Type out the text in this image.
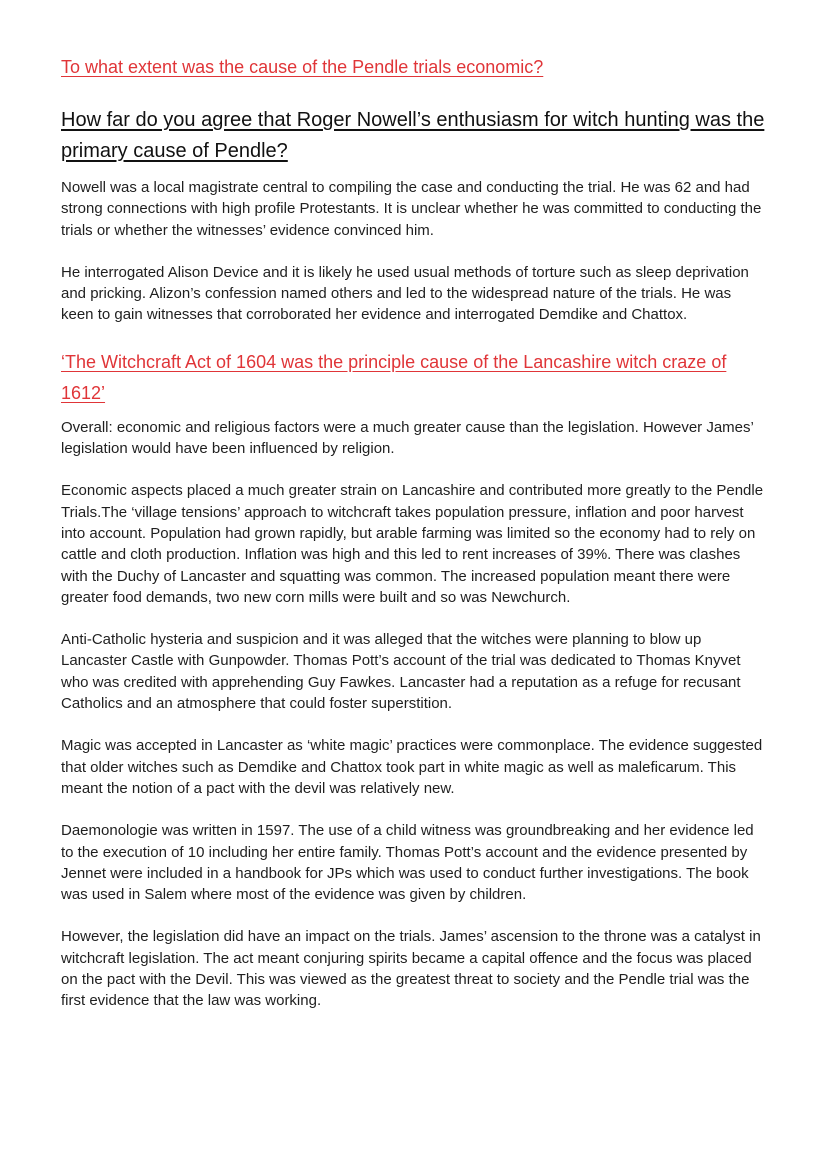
To what extent was the cause of the Pendle trials economic?
How far do you agree that Roger Nowell’s enthusiasm for witch hunting was the primary cause of Pendle?

Nowell was a local magistrate central to compiling the case and conducting the trial. He was 62 and had strong connections with high profile Protestants. It is unclear whether he was committed to conducting the trials or whether the witnesses’ evidence convinced him.

He interrogated Alison Device and it is likely he used usual methods of torture such as sleep deprivation and pricking. Alizon’s confession named others and led to the widespread nature of the trials. He was keen to gain witnesses that corroborated her evidence and interrogated Demdike and Chattox.

‘The Witchcraft Act of 1604 was the principle cause of the Lancashire witch craze of 1612’

Overall: economic and religious factors were a much greater cause than the legislation. However James’ legislation would have been influenced by religion.

Economic aspects placed a much greater strain on Lancashire and contributed more greatly to the Pendle Trials.The ‘village tensions’ approach to witchcraft takes population pressure, inflation and poor harvest into account. Population had grown rapidly, but arable farming was limited so the economy had to rely on cattle and cloth production. Inflation was high and this led to rent increases of 39%. There was clashes with the Duchy of Lancaster and squatting was common. The increased population meant there were greater food demands, two new corn mills were built and so was Newchurch.

Anti-Catholic hysteria and suspicion and it was alleged that the witches were planning to blow up Lancaster Castle with Gunpowder. Thomas Pott’s account of the trial was dedicated to Thomas Knyvet who was credited with apprehending Guy Fawkes. Lancaster had a reputation as a refuge for recusant Catholics and an atmosphere that could foster superstition.

Magic was accepted in Lancaster as ‘white magic’ practices were commonplace. The evidence suggested that older witches such as Demdike and Chattox took part in white magic as well as maleficarum. This meant the notion of a pact with the devil was relatively new.

Daemonologie was written in 1597. The use of a child witness was groundbreaking and her evidence led to the execution of 10 including her entire family. Thomas Pott’s account and the evidence presented by Jennet were included in a handbook for JPs which was used to conduct further investigations. The book was used in Salem where most of the evidence was given by children.

However, the legislation did have an impact on the trials. James’ ascension to the throne was a catalyst in witchcraft legislation. The act meant conjuring spirits became a capital offence and the focus was placed on the pact with the Devil. This was viewed as the greatest threat to society and the Pendle trial was the first evidence that the law was working.
